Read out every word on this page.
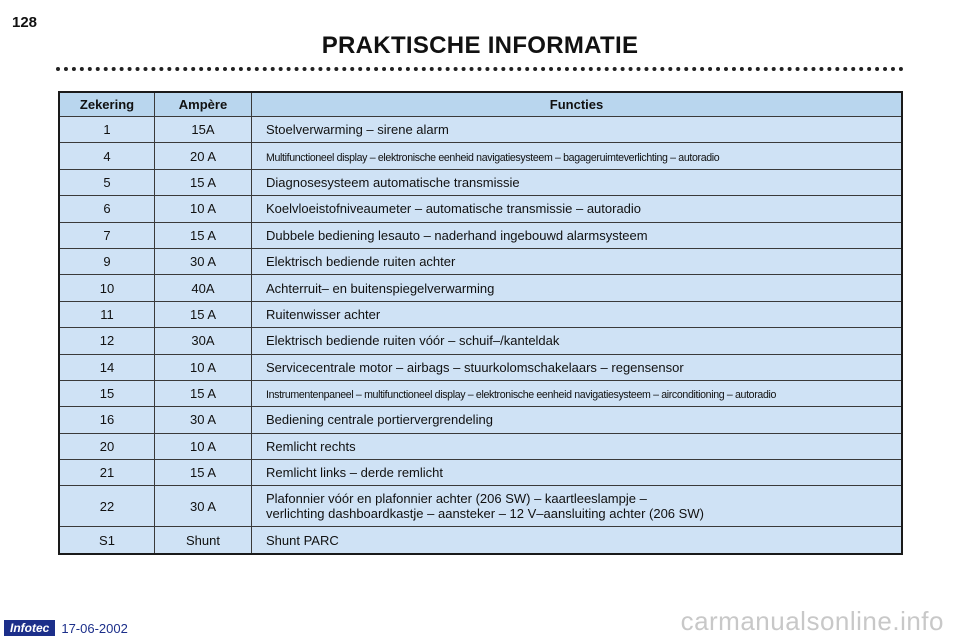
128
PRAKTISCHE INFORMATIE
Zekering	Ampère	Functies
1	15A	Stoelverwarming – sirene alarm
4	20 A	Multifunctioneel display – elektronische eenheid navigatiesysteem – bagageruimteverlichting – autoradio
5	15 A	Diagnosesysteem automatische transmissie
6	10 A	Koelvloeistofniveaumeter – automatische transmissie – autoradio
7	15 A	Dubbele bediening lesauto – naderhand ingebouwd alarmsysteem
9	30 A	Elektrisch bediende ruiten achter
10	40A	Achterruit– en buitenspiegelverwarming
11	15 A	Ruitenwisser achter
12	30A	Elektrisch bediende ruiten vóór – schuif–/kanteldak
14	10 A	Servicecentrale motor – airbags – stuurkolomschakelaars – regensensor
15	15 A	Instrumentenpaneel – multifunctioneel display – elektronische eenheid navigatiesysteem – airconditioning – autoradio
16	30 A	Bediening centrale portiervergrendeling
20	10 A	Remlicht rechts
21	15 A	Remlicht links – derde remlicht
22	30 A	Plafonnier vóór en plafonnier achter (206 SW) – kaartleeslampje –
verlichting dashboardkastje – aansteker – 12 V–aansluiting achter (206 SW)
S1	Shunt	Shunt PARC
Infotec 17-06-2002	carmanualsonline.info
